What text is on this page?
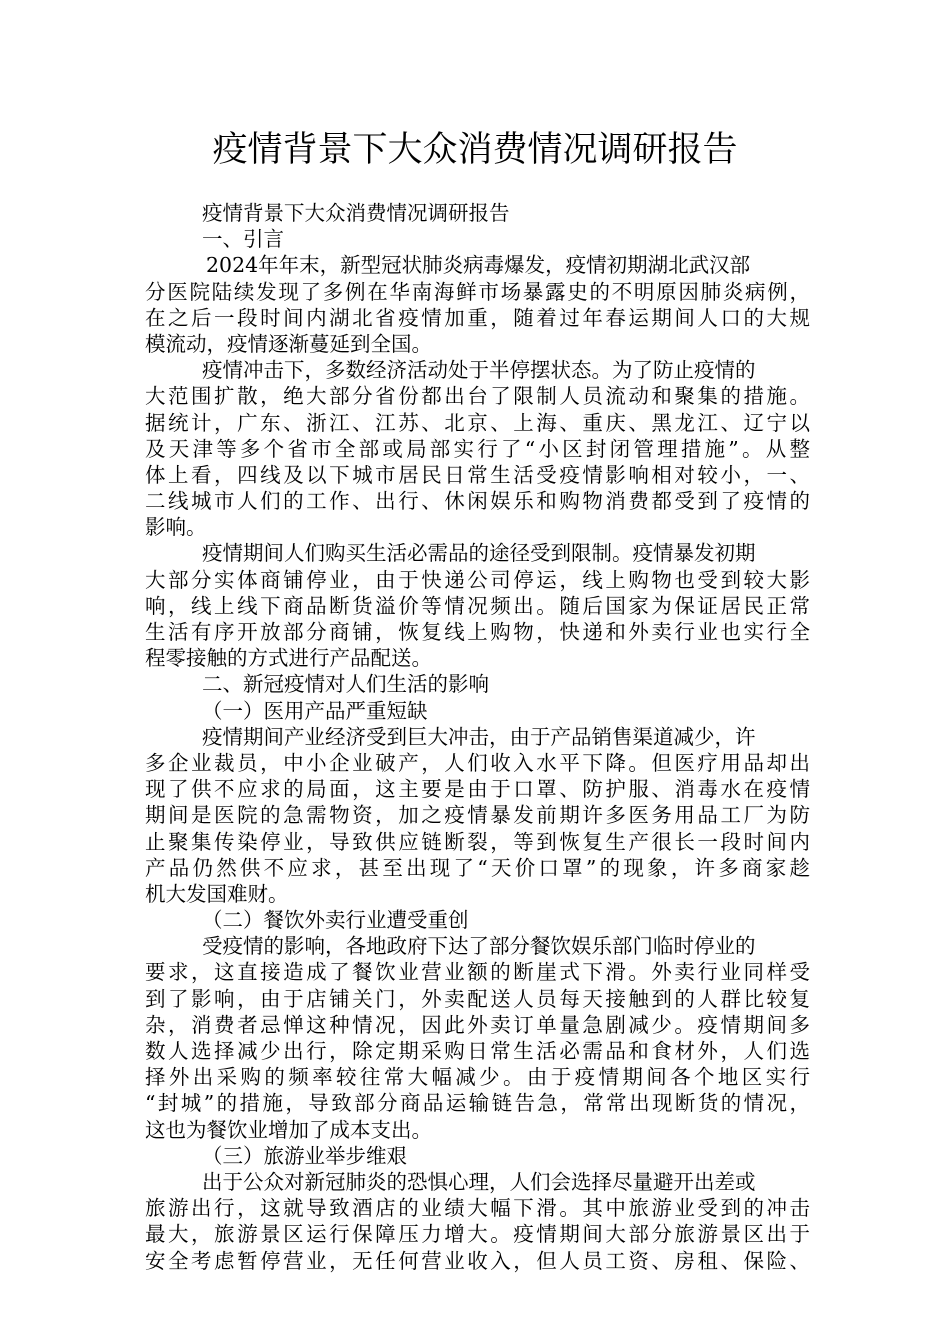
疫情背景下大众消费情况调研报告
疫情背景下大众消费情况调研报告
一、引言
2024年年末，新型冠状肺炎病毒爆发，疫情初期湖北武汉部
分医院陆续发现了多例在华南海鲜市场暴露史的不明原因肺炎病例，
在之后一段时间内湖北省疫情加重，随着过年春运期间人口的大规
模流动，疫情逐渐蔓延到全国。
疫情冲击下，多数经济活动处于半停摆状态。为了防止疫情的
大范围扩散，绝大部分省份都出台了限制人员流动和聚集的措施。
据统计，广东、浙江、江苏、北京、上海、重庆、黑龙江、辽宁以
及天津等多个省市全部或局部实行了“小区封闭管理措施”。从整
体上看，四线及以下城市居民日常生活受疫情影响相对较小，一、
二线城市人们的工作、出行、休闲娱乐和购物消费都受到了疫情的
影响。
疫情期间人们购买生活必需品的途径受到限制。疫情暴发初期
大部分实体商铺停业，由于快递公司停运，线上购物也受到较大影
响，线上线下商品断货溢价等情况频出。随后国家为保证居民正常
生活有序开放部分商铺，恢复线上购物，快递和外卖行业也实行全
程零接触的方式进行产品配送。
二、新冠疫情对人们生活的影响
（一）医用产品严重短缺
疫情期间产业经济受到巨大冲击，由于产品销售渠道减少，许
多企业裁员，中小企业破产，人们收入水平下降。但医疗用品却出
现了供不应求的局面，这主要是由于口罩、防护服、消毒水在疫情
期间是医院的急需物资，加之疫情暴发前期许多医务用品工厂为防
止聚集传染停业，导致供应链断裂，等到恢复生产很长一段时间内
产品仍然供不应求，甚至出现了“天价口罩”的现象，许多商家趁
机大发国难财。
（二）餐饮外卖行业遭受重创
受疫情的影响，各地政府下达了部分餐饮娱乐部门临时停业的
要求，这直接造成了餐饮业营业额的断崖式下滑。外卖行业同样受
到了影响，由于店铺关门，外卖配送人员每天接触到的人群比较复
杂，消费者忌惮这种情况，因此外卖订单量急剧减少。疫情期间多
数人选择减少出行，除定期采购日常生活必需品和食材外，人们选
择外出采购的频率较往常大幅减少。由于疫情期间各个地区实行
“封城”的措施，导致部分商品运输链告急，常常出现断货的情况，
这也为餐饮业增加了成本支出。
（三）旅游业举步维艰
出于公众对新冠肺炎的恐惧心理，人们会选择尽量避开出差或
旅游出行，这就导致酒店的业绩大幅下滑。其中旅游业受到的冲击
最大，旅游景区运行保障压力增大。疫情期间大部分旅游景区出于
安全考虑暂停营业，无任何营业收入，但人员工资、房租、保险、
